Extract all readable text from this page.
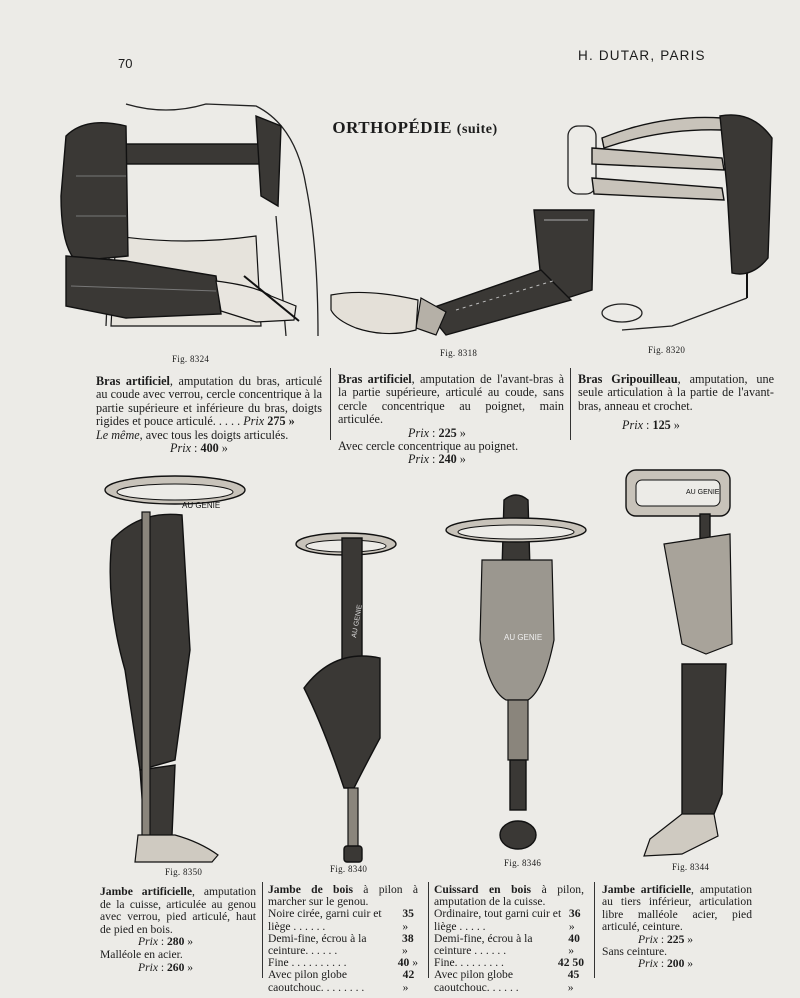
70
H. DUTAR, PARIS
ORTHOPÉDIE (suite)
Fig. 8324
Fig. 8318	Fig. 8320
Bras artificiel, amputation du bras, articulé au coude avec verrou, cercle concentrique à la partie supérieure et inférieure du bras, doigts rigides et pouce articulé. . . . . Prix 275 »
Le même, avec tous les doigts articulés.
Prix : 400 »
Bras artificiel, amputation de l'avant-bras à la partie supérieure, articulé au coude, sans cercle concentrique au poignet, main articulée.
Prix : 225 »
Avec cercle concentrique au poignet.
Prix : 240 »
Bras Gripouilleau, amputation, une seule articulation à la partie de l'avant-bras, anneau et crochet.
Prix : 125 »
AU GENIE
Fig. 8350
AU GENIE
Fig. 8340
AU GENIE
Fig. 8346
AU GENIE
Fig. 8344
Jambe artificielle, amputation de la cuisse, articulée au genou avec verrou, pied articulé, haut de pied en bois.
Prix : 280 »
Malléole en acier.
Prix : 260 »
Jambe de bois à pilon à marcher sur le genou.
Noire cirée, garni cuir et liège . . . . . .
35 »
Demi-fine, écrou à la ceinture. . . . . .
38 »
Fine . . . . . . . . . .	40 »
Avec pilon globe caoutchouc. . . . . . . .
42 »
Cuissard en bois à pilon, amputation de la cuisse.
Ordinaire, tout garni cuir et liège . . . . .
36 »
Demi-fine, écrou à la ceinture . . . . . .
40 »
Fine. . . . . . . . .	42 50
Avec pilon globe caoutchouc. . . . . .
45 »
Jambe artificielle, amputation au tiers inférieur, articulation libre malléole acier, pied articulé, ceinture.
Prix : 225 »
Sans ceinture.
Prix : 200 »
